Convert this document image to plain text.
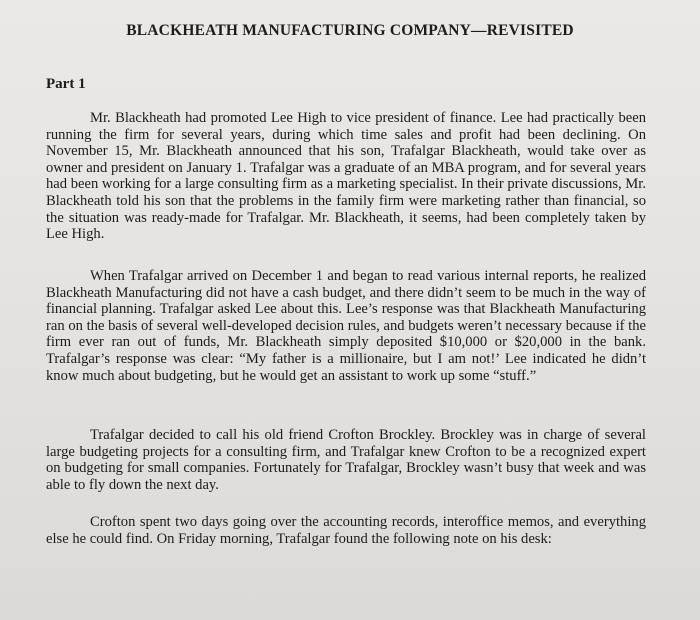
BLACKHEATH MANUFACTURING COMPANY—REVISITED
Part 1

Mr. Blackheath had promoted Lee High to vice president of finance. Lee had practically been running the firm for several years, during which time sales and profit had been declining. On November 15, Mr. Blackheath announced that his son, Trafalgar Blackheath, would take over as owner and president on January 1. Trafalgar was a graduate of an MBA program, and for several years had been working for a large consulting firm as a marketing specialist. In their private discussions, Mr. Blackheath told his son that the problems in the family firm were marketing rather than financial, so the situation was ready-made for Trafalgar. Mr. Blackheath, it seems, had been completely taken by Lee High.

When Trafalgar arrived on December 1 and began to read various internal reports, he realized Blackheath Manufacturing did not have a cash budget, and there didn’t seem to be much in the way of financial planning. Trafalgar asked Lee about this. Lee’s response was that Blackheath Manufacturing ran on the basis of several well-developed decision rules, and budgets weren’t necessary because if the firm ever ran out of funds, Mr. Blackheath simply deposited $10,000 or $20,000 in the bank. Trafalgar’s response was clear: “My father is a millionaire, but I am not!’ Lee indicated he didn’t know much about budgeting, but he would get an assistant to work up some “stuff.”

Trafalgar decided to call his old friend Crofton Brockley. Brockley was in charge of several large budgeting projects for a consulting firm, and Trafalgar knew Crofton to be a recognized expert on budgeting for small companies. Fortunately for Trafalgar, Brockley wasn’t busy that week and was able to fly down the next day.

Crofton spent two days going over the accounting records, interoffice memos, and everything else he could find. On Friday morning, Trafalgar found the following note on his desk:
